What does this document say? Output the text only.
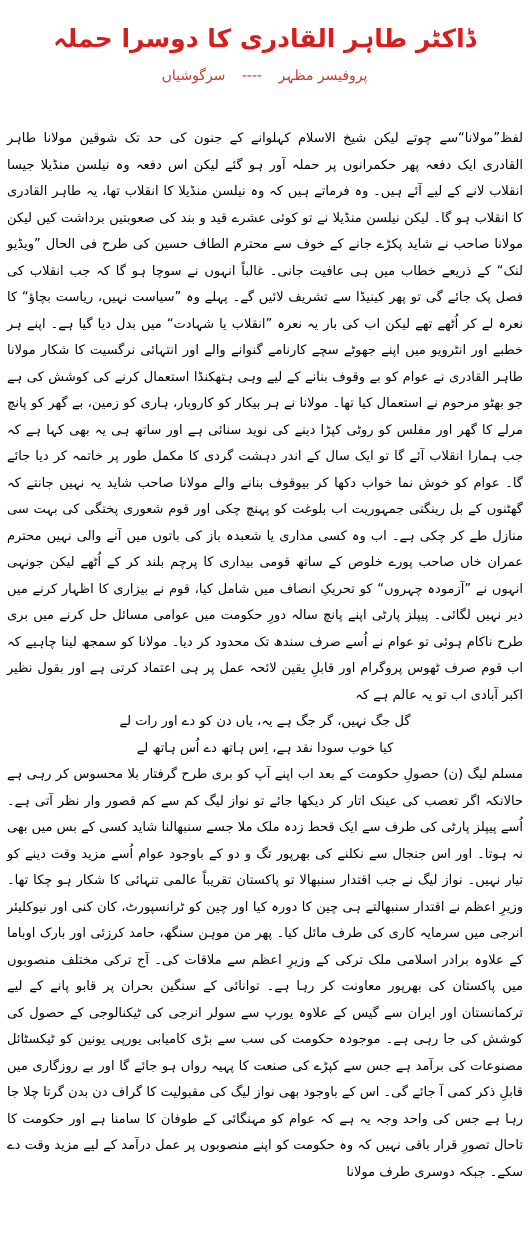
ڈاکٹر طاہر القادری کا دوسرا حملہ
پروفیسر مظہر ---- سرگوشیاں

لفظ”مولانا“سے چوتے لیکن شیخ الاسلام کہلوانے کے جنون کی حد تک شوقین مولانا طاہر القادری ایک دفعہ پھر حکمرانوں پر حملہ آور ہو گئے لیکن اس دفعہ وہ نیلسن منڈیلا جیسا انقلاب لانے کے لیے آئے ہیں۔ وہ فرماتے ہیں کہ وہ نیلسن منڈیلا کا انقلاب تھا، یہ طاہر القادری کا انقلاب ہو گا۔ لیکن نیلسن منڈیلا نے تو کوئی عشرے قید و بند کی صعوبتیں برداشت کیں لیکن مولانا صاحب نے شاید پکڑے جانے کے خوف سے محترم الطاف حسین کی طرح فی الحال ”ویڈیو لنک“ کے ذریعے خطاب میں ہی عافیت جانی۔ غالباً انہوں نے سوچا ہو گا کہ جب انقلاب کی فصل پک جائے گی تو پھر کینیڈا سے تشریف لائیں گے۔ پہلے وہ ”سیاست نہیں، ریاست بچاؤ“ کا نعرہ لے کر اُٹھے تھے لیکن اب کی بار یہ نعرہ ”انقلاب یا شہادت“ میں بدل دیا گیا ہے۔ اپنے ہر خطبے اور انٹرویو میں اپنے جھوٹے سچے کارنامے گنوانے والے اور انتہائی نرگسیت کا شکار مولانا طاہر القادری نے عوام کو بے وقوف بنانے کے لیے وہی ہتھکنڈا استعمال کرنے کی کوشش کی ہے جو بھٹو مرحوم نے استعمال کیا تھا۔ مولانا نے ہر بیکار کو کاروبار، ہاری کو زمین، بے گھر کو پانچ مرلے کا گھر اور مفلس کو روٹی کپڑا دینے کی نوید سنائی ہے اور ساتھ ہی یہ بھی کہا ہے کہ جب ہمارا انقلاب آئے گا تو ایک سال کے اندر دہشت گردی کا مکمل طور پر خاتمہ کر دیا جائے گا۔ عوام کو خوش نما خواب دکھا کر بیوقوف بنانے والے مولانا صاحب شاید یہ نہیں جانتے کہ گھٹنوں کے بل رینگتی جمہوریت اب بلوغت کو پہنچ چکی اور قوم شعوری پختگی کی بہت سی منازل طے کر چکی ہے۔ اب وہ کسی مداری یا شعبدہ باز کی باتوں میں آنے والی نہیں محترم عمران خاں صاحب پورے خلوص کے ساتھ قومی بیداری کا پرچم بلند کر کے اُٹھے لیکن جونہی انہوں نے ”آزمودہ چہروں“ کو تحریکِ انصاف میں شامل کیا، قوم نے بیزاری کا اظہار کرنے میں دیر نہیں لگائی۔ پیپلز پارٹی اپنے پانچ سالہ دورِ حکومت میں عوامی مسائل حل کرنے میں بری طرح ناکام ہوئی تو عوام نے اُسے صرف سندھ تک محدود کر دیا۔ مولانا کو سمجھ لینا چاہیے کہ اب قوم صرف ٹھوس پروگرام اور قابلِ یقین لائحہ عمل پر ہی اعتماد کرتی ہے اور بقول نظیر اکبر آبادی اب تو یہ عالم ہے کہ

گل جگ نہیں، گر جگ ہے یہ، یاں دن کو دے اور رات لے

کیا خوب سودا نقد ہے، اِس ہاتھ دے اُس ہاتھ لے

مسلم لیگ (ن) حصولِ حکومت کے بعد اب اپنے آپ کو بری طرح گرفتار بلا محسوس کر رہی ہے حالانکہ اگر تعصب کی عینک اتار کر دیکھا جائے تو نواز لیگ کم سے کم قصور وار نظر آتی ہے۔ اُسے پیپلز پارٹی کی طرف سے ایک قحط زدہ ملک ملا جسے سنبھالنا شاید کسی کے بس میں بھی نہ ہوتا۔ اور اس جنجال سے نکلنے کی بھرپور تگ و دو کے باوجود عوام اُسے مزید وقت دینے کو تیار نہیں۔ نواز لیگ نے جب اقتدار سنبھالا تو پاکستان تقریباً عالمی تنہائی کا شکار ہو چکا تھا۔ وزیرِ اعظم نے اقتدار سنبھالتے ہی چین کا دورہ کیا اور چین کو ٹرانسپورٹ، کان کنی اور نیوکلیئر انرجی میں سرمایہ کاری کی طرف مائل کیا۔ پھر من موہن سنگھ، حامد کرزئی اور بارک اوباما کے علاوہ برادر اسلامی ملک ترکی کے وزیرِ اعظم سے ملاقات کی۔ آج ترکی مختلف منصوبوں میں پاکستان کی بھرپور معاونت کر رہا ہے۔ توانائی کے سنگین بحران پر قابو پانے کے لیے ترکمانستان اور ایران سے گیس کے علاوہ یورپ سے سولر انرجی کی ٹیکنالوجی کے حصول کی کوشش کی جا رہی ہے۔ موجودہ حکومت کی سب سے بڑی کامیابی یورپی یونین کو ٹیکسٹائل مصنوعات کی برآمد ہے جس سے کپڑے کی صنعت کا پہیہ رواں ہو جائے گا اور بے روزگاری میں قابلِ ذکر کمی آ جائے گی۔ اس کے باوجود بھی نواز لیگ کی مقبولیت کا گراف دن بدن گرتا چلا جا رہا ہے جس کی واحد وجہ یہ ہے کہ عوام کو مہنگائی کے طوفان کا سامنا ہے اور حکومت کا تاحال تصورِ قرار باقی نہیں کہ وہ حکومت کو اپنے منصوبوں پر عمل درآمد کے لیے مزید وقت دے سکے۔ جبکہ دوسری طرف مولانا
